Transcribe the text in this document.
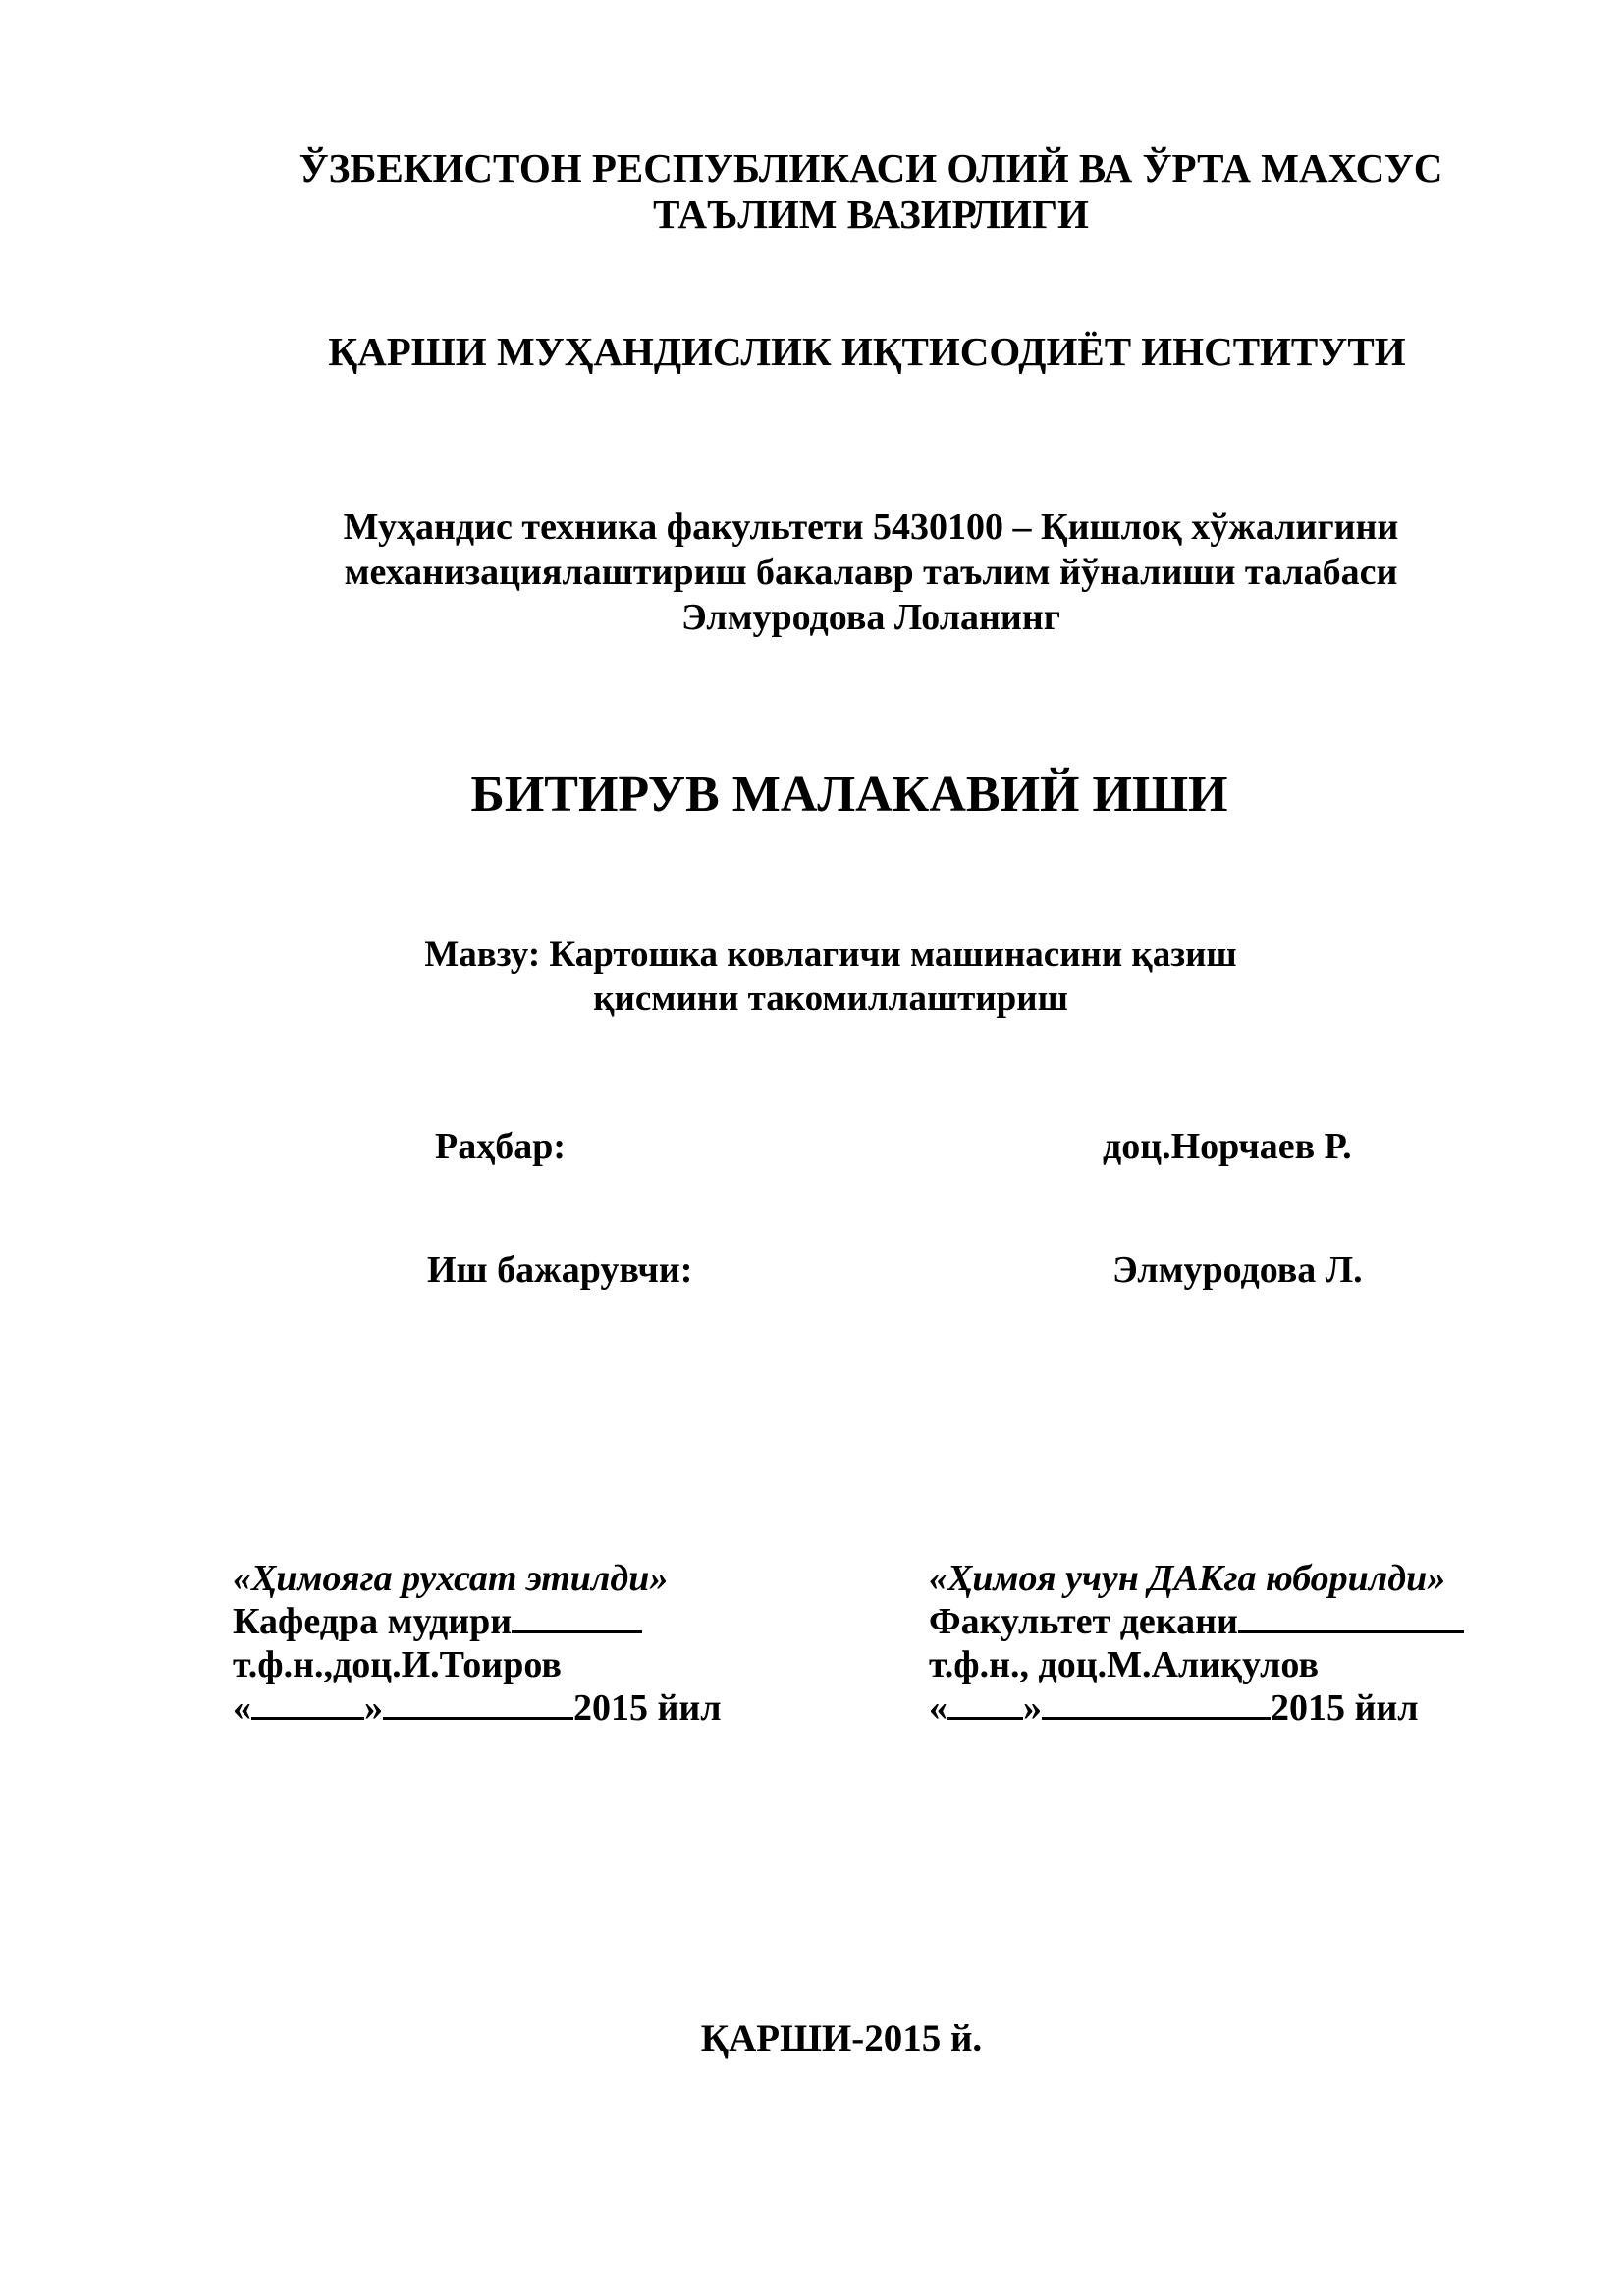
ЎЗБЕКИСТОН РЕСПУБЛИКАСИ ОЛИЙ ВА ЎРТА МАХСУС
ТАЪЛИМ ВАЗИРЛИГИ
ҚАРШИ МУҲАНДИСЛИК ИҚТИСОДИЁТ ИНСТИТУТИ
Муҳандис техника факультети 5430100 – Қишлоқ хўжалигини
механизациялаштириш бакалавр таълим йўналиши талабаси
Элмуродова Лоланинг
БИТИРУВ МАЛАКАВИЙ ИШИ
Мавзу: Картошка ковлагичи машинасини қазиш
қисмини такомиллаштириш
Раҳбар:	доц.Норчаев Р.
Иш бажарувчи:	Элмуродова Л.
«Ҳимояга рухсат этилди»
Кафедра мудири
т.ф.н.,доц.И.Тоиров
«	»	2015 йил
«Ҳимоя учун ДАКга юборилди»
Факультет декани
т.ф.н., доц.М.Алиқулов
« »	2015 йил
ҚАРШИ-2015 й.
